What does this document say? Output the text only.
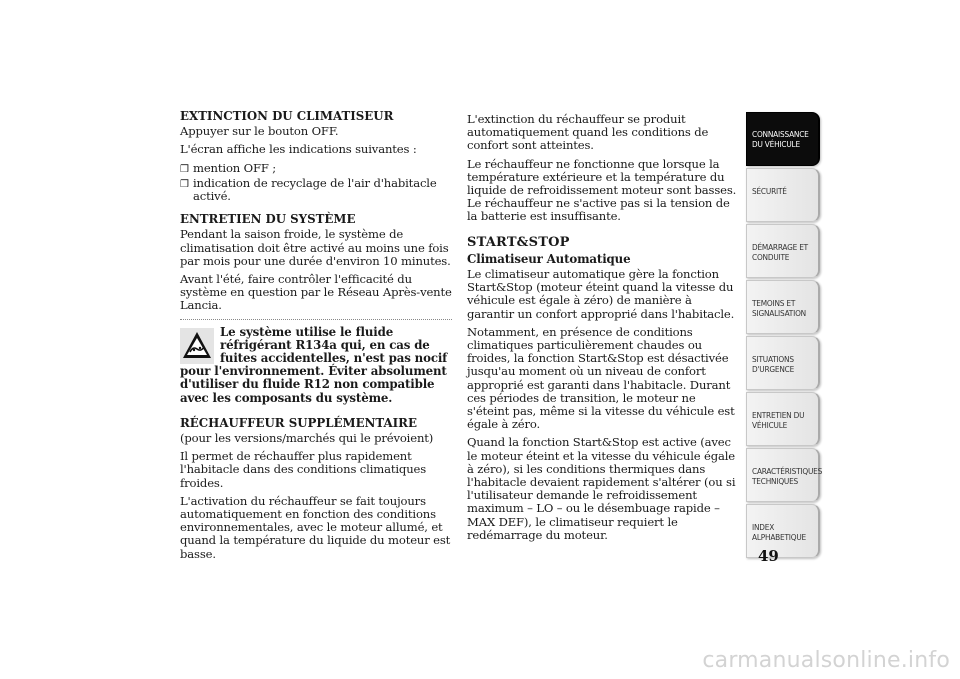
EXTINCTION DU CLIMATISEUR

Appuyer sur le bouton OFF.

L'écran affiche les indications suivantes :

❒ mention OFF ;
❒ indication de recyclage de l'air d'habitacle activé.
ENTRETIEN DU SYSTÈME

Pendant la saison froide, le système de climatisation doit être activé au moins une fois par mois pour une durée d'environ 10 minutes.

Avant l'été, faire contrôler l'efficacité du système en question par le Réseau Après-vente Lancia.

Le système utilise le fluide réfrigérant R134a qui, en cas de fuites accidentelles, n'est pas nocif pour l'environnement. Éviter absolument d'utiliser du fluide R12 non compatible avec les composants du système.
RÉCHAUFFEUR SUPPLÉMENTAIRE

(pour les versions/marchés qui le prévoient)

Il permet de réchauffer plus rapidement l'habitacle dans des conditions climatiques froides.

L'activation du réchauffeur se fait toujours automatiquement en fonction des conditions environnementales, avec le moteur allumé, et quand la température du liquide du moteur est basse.

L'extinction du réchauffeur se produit automatiquement quand les conditions de confort sont atteintes.

Le réchauffeur ne fonctionne que lorsque la température extérieure et la température du liquide de refroidissement moteur sont basses. Le réchauffeur ne s'active pas si la tension de la batterie est insuffisante.

START&STOP
Climatiseur Automatique

Le climatiseur automatique gère la fonction Start&Stop (moteur éteint quand la vitesse du véhicule est égale à zéro) de manière à garantir un confort approprié dans l'habitacle.

Notamment, en présence de conditions climatiques particulièrement chaudes ou froides, la fonction Start&Stop est désactivée jusqu'au moment où un niveau de confort approprié est garanti dans l'habitacle. Durant ces périodes de transition, le moteur ne s'éteint pas, même si la vitesse du véhicule est égale à zéro.

Quand la fonction Start&Stop est active (avec le moteur éteint et la vitesse du véhicule égale à zéro), si les conditions thermiques dans l'habitacle devaient rapidement s'altérer (ou si l'utilisateur demande le refroidissement maximum – LO – ou le désembuage rapide – MAX DEF), le climatiseur requiert le redémarrage du moteur.

CONNAISSANCE DU VÉHICULE
SÉCURITÉ
DÉMARRAGE ET CONDUITE
TEMOINS ET SIGNALISATION
SITUATIONS D'URGENCE
ENTRETIEN DU VÉHICULE
CARACTÉRISTIQUES TECHNIQUES
INDEX ALPHABETIQUE
49
carmanualsonline.info
